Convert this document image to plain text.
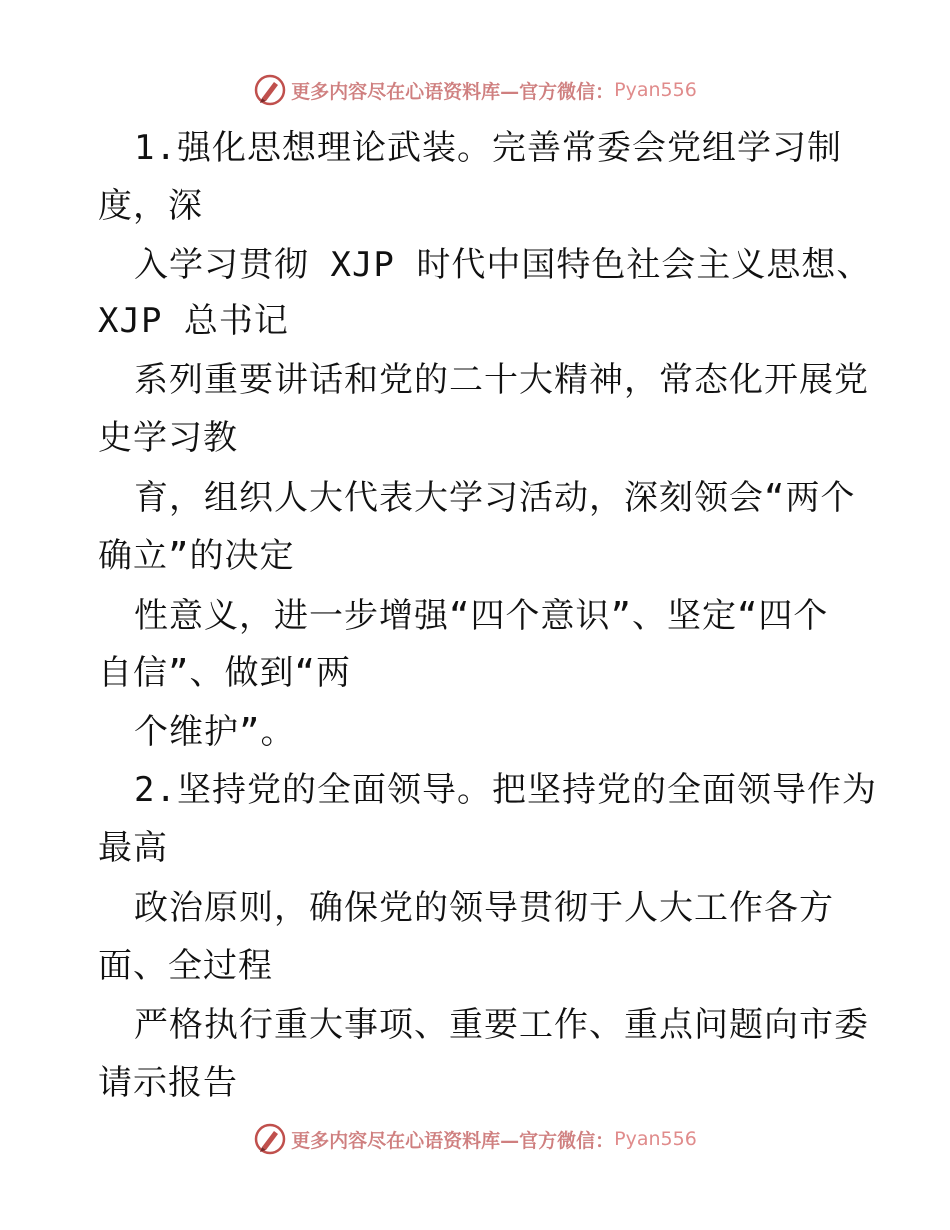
更多内容尽在心语资料库—官方微信： Pyan556
1.强化思想理论武装。完善常委会党组学习制
度，深
入学习贯彻 XJP 时代中国特色社会主义思想、
XJP 总书记
系列重要讲话和党的二十大精神，常态化开展党
史学习教
育，组织人大代表大学习活动，深刻领会“两个
确立”的决定
性意义，进一步增强“四个意识”、坚定“四个
自信”、做到“两
个维护”。
2.坚持党的全面领导。把坚持党的全面领导作为
最高
政治原则，确保党的领导贯彻于人大工作各方
面、全过程
严格执行重大事项、重要工作、重点问题向市委
请示报告
更多内容尽在心语资料库—官方微信： Pyan556
